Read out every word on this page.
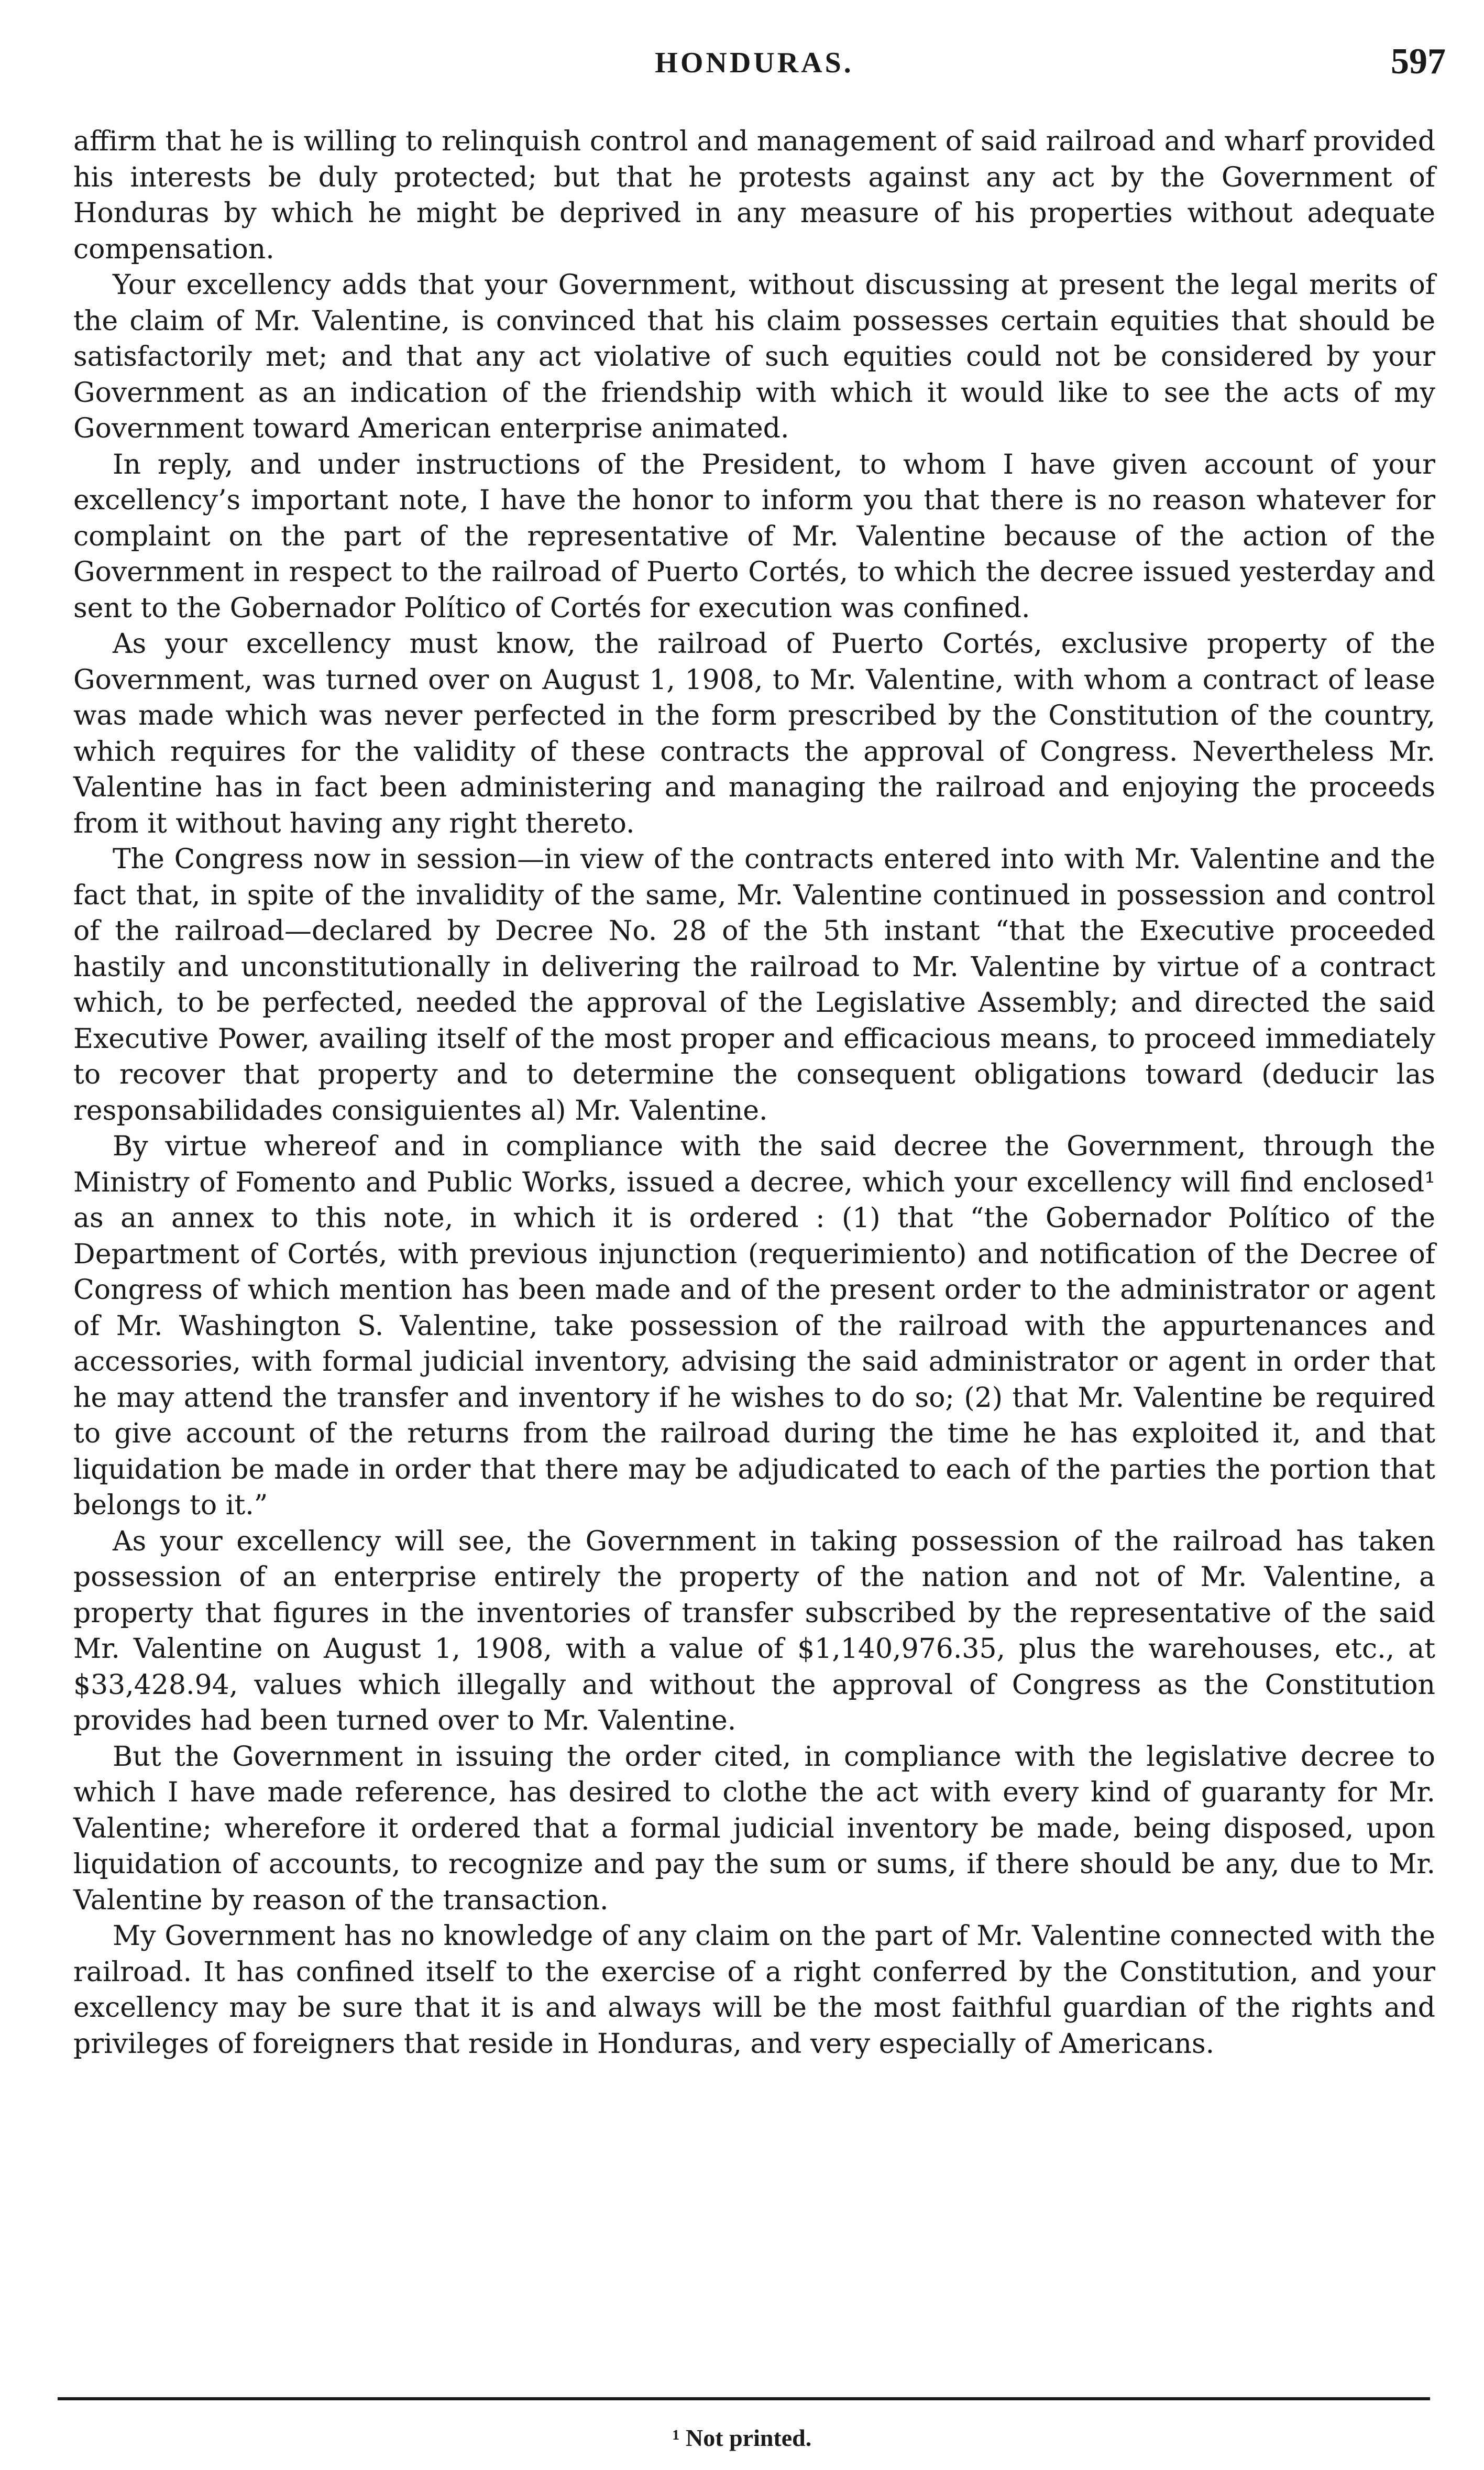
HONDURAS.	597

affirm that he is willing to relinquish control and management of said railroad and wharf provided his interests be duly protected; but that he protests against any act by the Government of Honduras by which he might be deprived in any measure of his properties without adequate compensation.

Your excellency adds that your Government, without discussing at present the legal merits of the claim of Mr. Valentine, is convinced that his claim possesses certain equities that should be satisfactorily met; and that any act violative of such equities could not be considered by your Government as an indication of the friendship with which it would like to see the acts of my Government toward American enterprise animated.

In reply, and under instructions of the President, to whom I have given account of your excellency’s important note, I have the honor to inform you that there is no reason whatever for complaint on the part of the representative of Mr. Valentine because of the action of the Government in respect to the railroad of Puerto Cortés, to which the decree issued yesterday and sent to the Gobernador Político of Cortés for execution was confined.

As your excellency must know, the railroad of Puerto Cortés, exclusive property of the Government, was turned over on August 1, 1908, to Mr. Valentine, with whom a contract of lease was made which was never perfected in the form prescribed by the Constitution of the country, which requires for the validity of these contracts the approval of Congress. Nevertheless Mr. Valentine has in fact been administering and managing the railroad and enjoying the proceeds from it without having any right thereto.

The Congress now in session—in view of the contracts entered into with Mr. Valentine and the fact that, in spite of the invalidity of the same, Mr. Valentine continued in possession and control of the railroad—declared by Decree No. 28 of the 5th instant “that the Executive proceeded hastily and unconstitutionally in delivering the railroad to Mr. Valentine by virtue of a contract which, to be perfected, needed the approval of the Legislative Assembly; and directed the said Executive Power, availing itself of the most proper and efficacious means, to proceed immediately to recover that property and to determine the consequent obligations toward (deducir las responsabilidades consiguientes al) Mr. Valentine.

By virtue whereof and in compliance with the said decree the Government, through the Ministry of Fomento and Public Works, issued a decree, which your excellency will find enclosed¹ as an annex to this note, in which it is ordered : (1) that “the Gobernador Político of the Department of Cortés, with previous injunction (requerimiento) and notification of the Decree of Congress of which mention has been made and of the present order to the administrator or agent of Mr. Washington S. Valentine, take possession of the railroad with the appurtenances and accessories, with formal judicial inventory, advising the said administrator or agent in order that he may attend the transfer and inventory if he wishes to do so; (2) that Mr. Valentine be required to give account of the returns from the railroad during the time he has exploited it, and that liquidation be made in order that there may be adjudicated to each of the parties the portion that belongs to it.”

As your excellency will see, the Government in taking possession of the railroad has taken possession of an enterprise entirely the property of the nation and not of Mr. Valentine, a property that figures in the inventories of transfer subscribed by the representative of the said Mr. Valentine on August 1, 1908, with a value of $1,140,976.35, plus the warehouses, etc., at $33,428.94, values which illegally and without the approval of Congress as the Constitution provides had been turned over to Mr. Valentine.

But the Government in issuing the order cited, in compliance with the legislative decree to which I have made reference, has desired to clothe the act with every kind of guaranty for Mr. Valentine; wherefore it ordered that a formal judicial inventory be made, being disposed, upon liquidation of accounts, to recognize and pay the sum or sums, if there should be any, due to Mr. Valentine by reason of the transaction.

My Government has no knowledge of any claim on the part of Mr. Valentine connected with the railroad. It has confined itself to the exercise of a right conferred by the Constitution, and your excellency may be sure that it is and always will be the most faithful guardian of the rights and privileges of foreigners that reside in Honduras, and very especially of Americans.

¹ Not printed.
